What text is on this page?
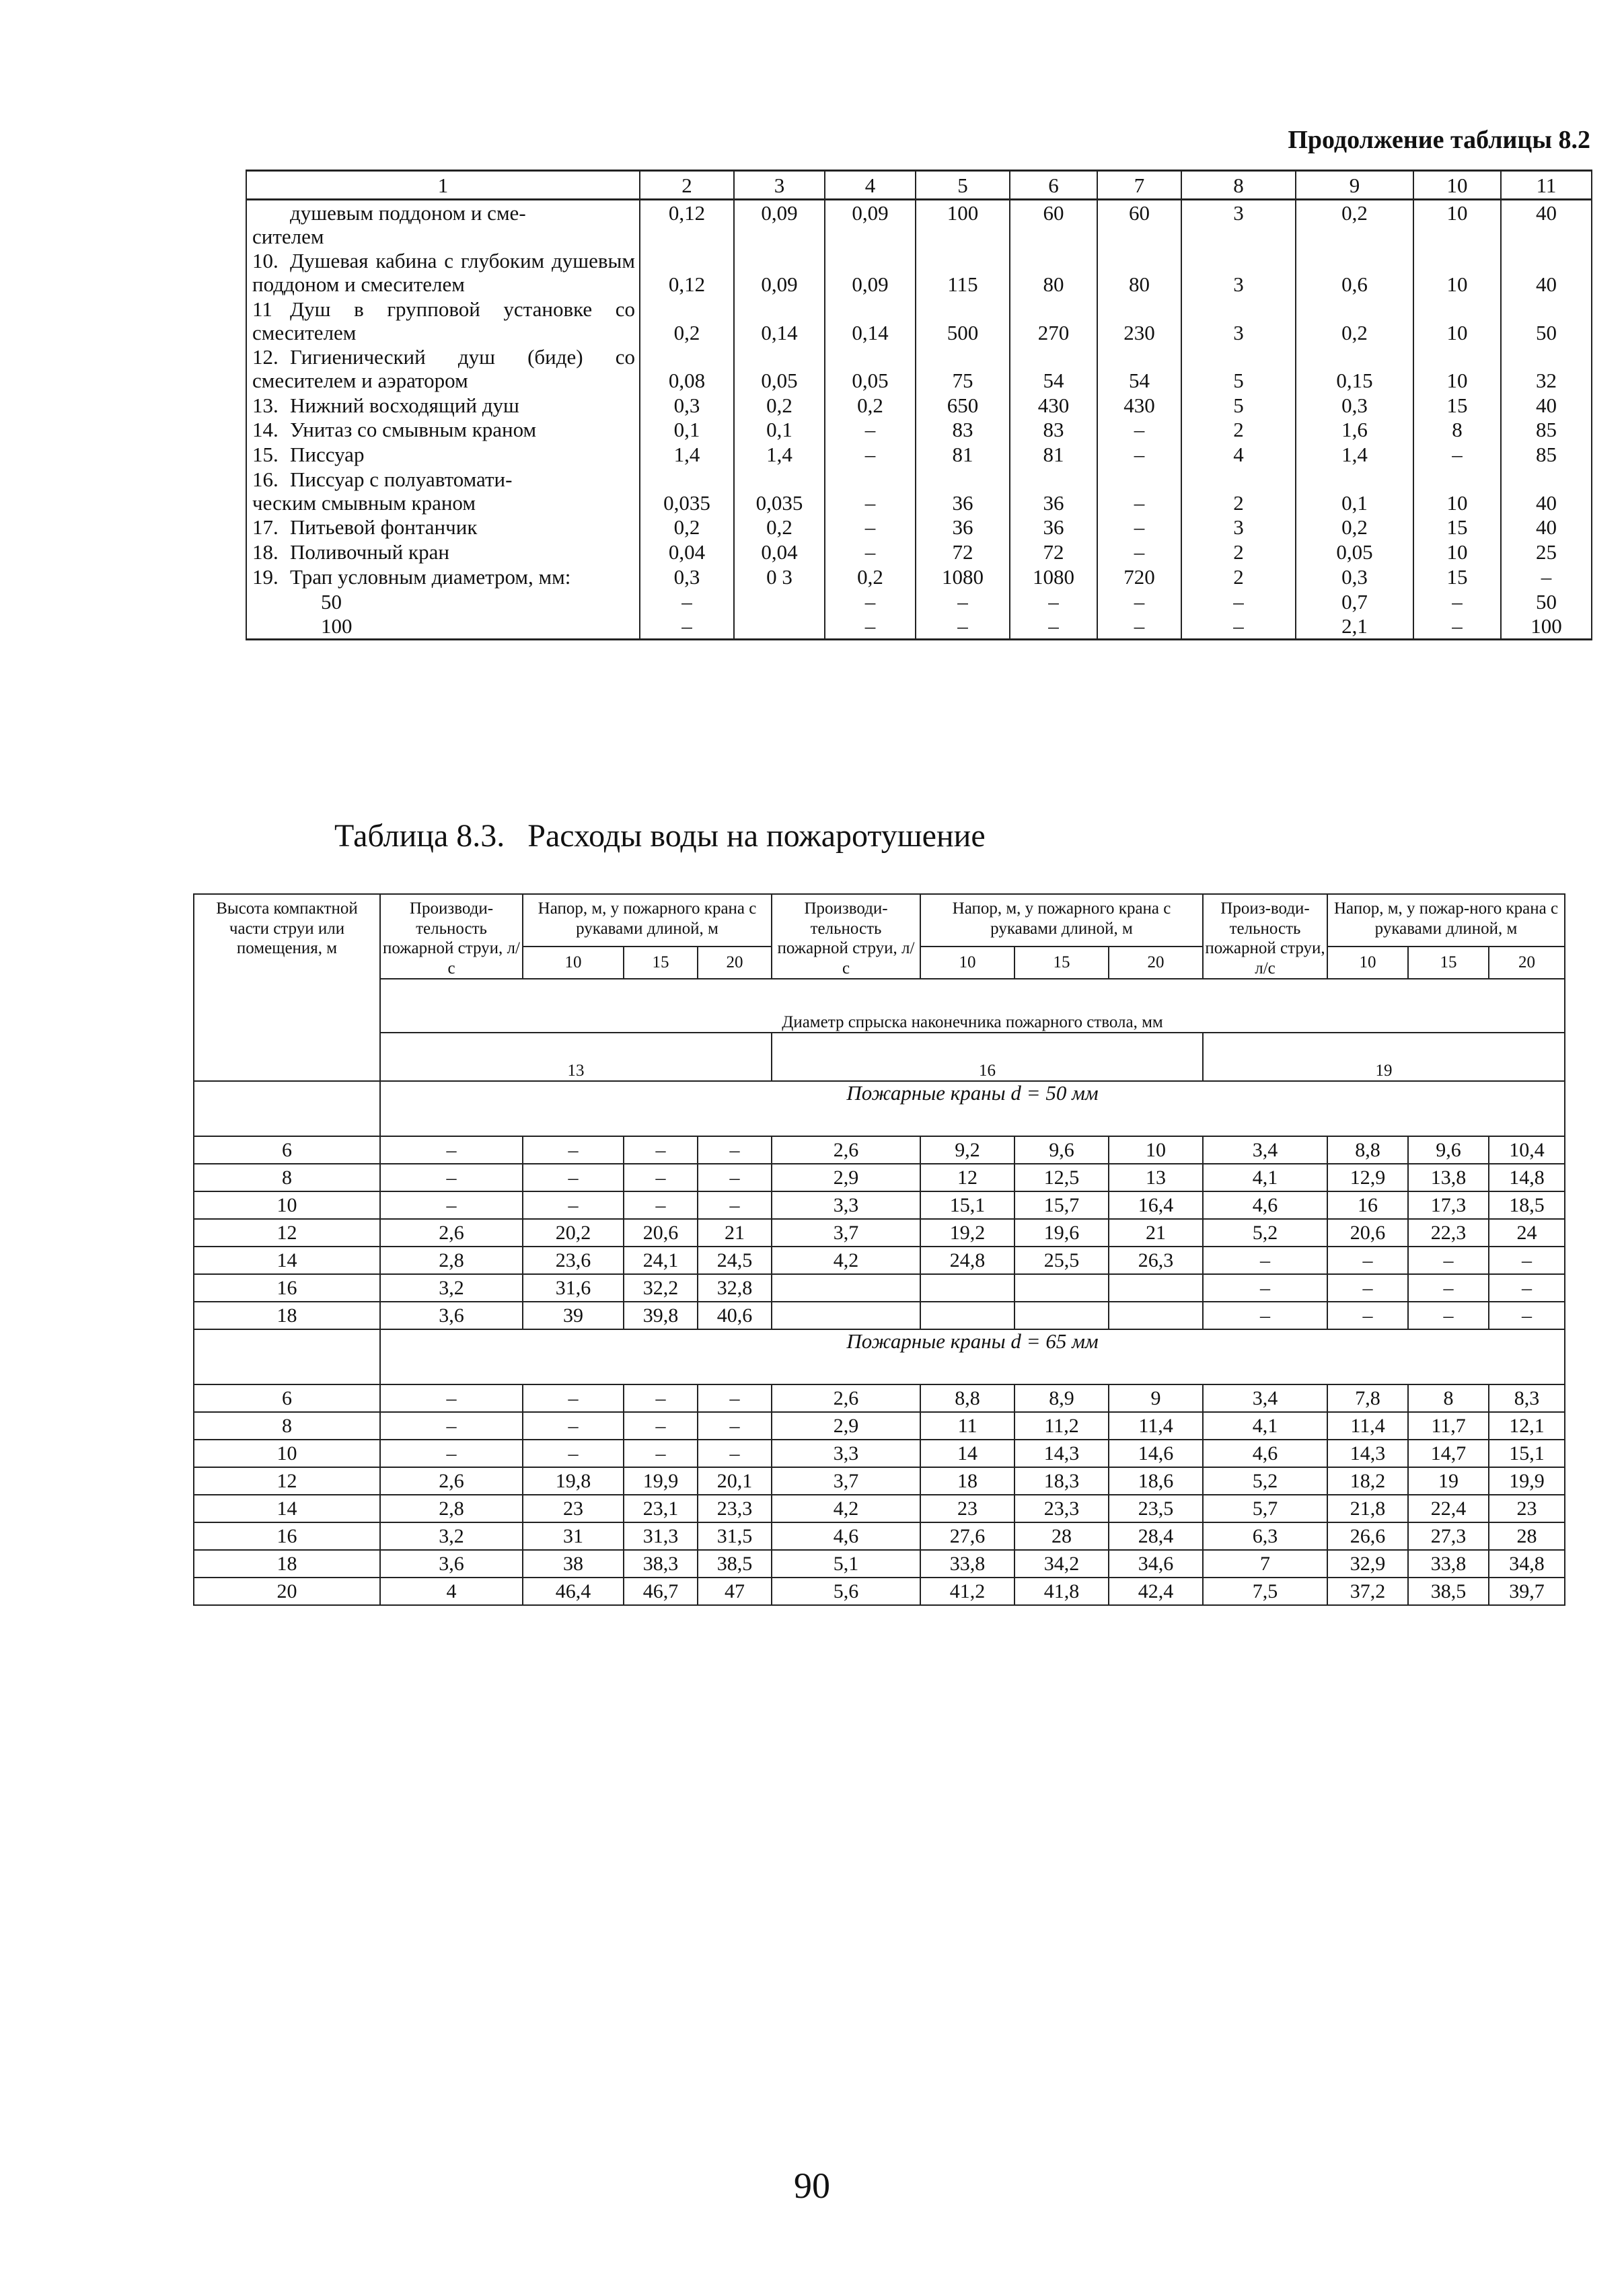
Продолжение таблицы 8.2
1	2	3	4	5	6	7	8	9	10	11
душевым поддоном и сме-
сителем	0,12	0,09	0,09	100	60	60	3	0,2	10	40
10. Душевая кабина с глубоким душевым поддоном и смесителем	0,12	0,09	0,09	115	80	80	3	0,6	10	40
11 Душ в групповой установке со смесителем	0,2	0,14	0,14	500	270	230	3	0,2	10	50
12. Гигиенический душ (биде) со смесителем и аэратором	0,08	0,05	0,05	75	54	54	5	0,15	10	32
13. Нижний восходящий душ	0,3	0,2	0,2	650	430	430	5	0,3	15	40
14. Унитаз со смывным краном	0,1	0,1	–	83	83	–	2	1,6	8	85
15. Писсуар	1,4	1,4	–	81	81	–	4	1,4	–	85
16. Писсуар с полуавтомати-
ческим смывным краном	0,035	0,035	–	36	36	–	2	0,1	10	40
17. Питьевой фонтанчик	0,2	0,2	–	36	36	–	3	0,2	15	40
18. Поливочный кран	0,04	0,04	–	72	72	–	2	0,05	10	25
19. Трап условным диаметром, мм:	0,3	0 3	0,2	1080	1080	720	2	0,3	15	–
50	–		–	–	–	–	–	0,7	–	50
100	–		–	–	–	–	–	2,1	–	100
Таблица 8.3. Расходы воды на пожаротушение
Высота компактной части струи или помещения, м	Производи-тельность пожарной струи, л/с	Напор, м, у пожарного крана с рукавами длиной, м			Производи-тельность пожарной струи, л/с	Напор, м, у пожарного крана с рукавами длиной, м			Произ-води-тельность пожарной струи, л/с	Напор, м, у пожар-ного крана с рукавами длиной, м		
		10	15	20		10	15	20		10	15	20
	Диаметр спрыска наконечника пожарного ствола, мм											
	13				16				19			
	Пожарные краны d = 50 мм											
6	–	–	–	–	2,6	9,2	9,6	10	3,4	8,8	9,6	10,4
8	–	–	–	–	2,9	12	12,5	13	4,1	12,9	13,8	14,8
10	–	–	–	–	3,3	15,1	15,7	16,4	4,6	16	17,3	18,5
12	2,6	20,2	20,6	21	3,7	19,2	19,6	21	5,2	20,6	22,3	24
14	2,8	23,6	24,1	24,5	4,2	24,8	25,5	26,3	–	–	–	–
16	3,2	31,6	32,2	32,8					–	–	–	–
18	3,6	39	39,8	40,6					–	–	–	–
	Пожарные краны d = 65 мм											
6	–	–	–	–	2,6	8,8	8,9	9	3,4	7,8	8	8,3
8	–	–	–	–	2,9	11	11,2	11,4	4,1	11,4	11,7	12,1
10	–	–	–	–	3,3	14	14,3	14,6	4,6	14,3	14,7	15,1
12	2,6	19,8	19,9	20,1	3,7	18	18,3	18,6	5,2	18,2	19	19,9
14	2,8	23	23,1	23,3	4,2	23	23,3	23,5	5,7	21,8	22,4	23
16	3,2	31	31,3	31,5	4,6	27,6	28	28,4	6,3	26,6	27,3	28
18	3,6	38	38,3	38,5	5,1	33,8	34,2	34,6	7	32,9	33,8	34,8
20	4	46,4	46,7	47	5,6	41,2	41,8	42,4	7,5	37,2	38,5	39,7
90
